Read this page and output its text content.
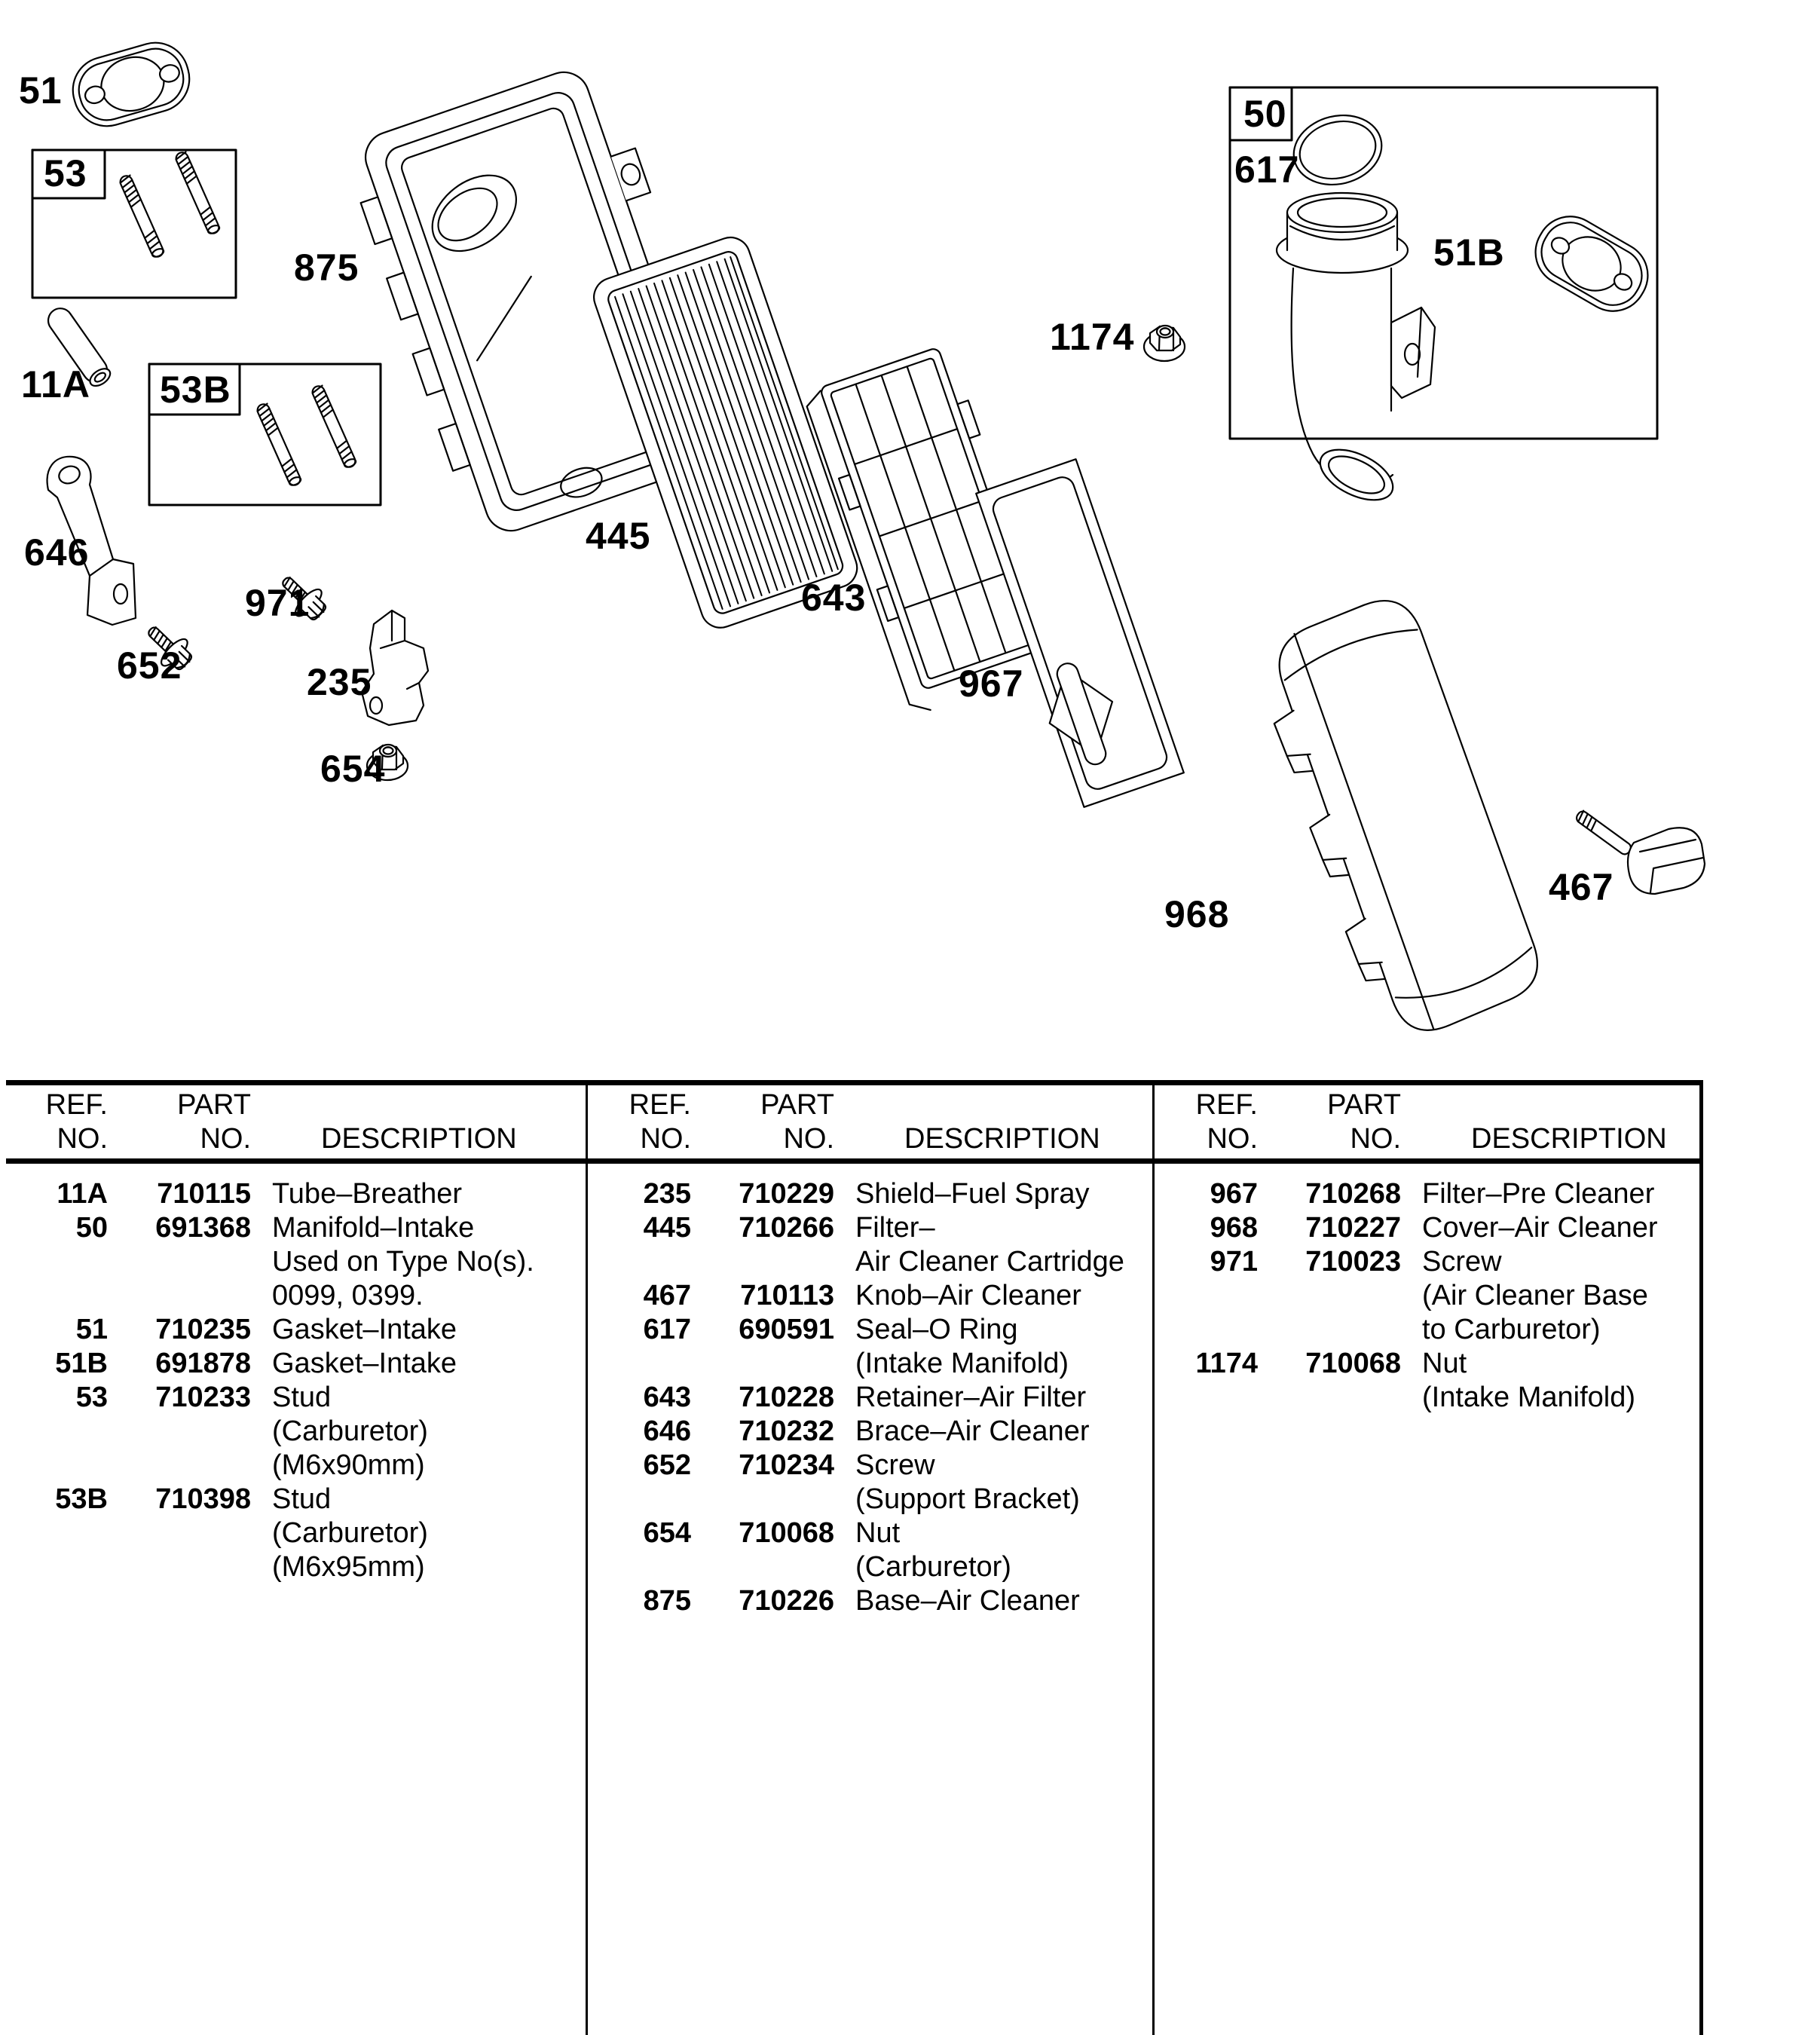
51
53
875
11A 53B
646
652
971
235
654
445
643
967
968
467
1174
50
617
51B
REF.	PART
NO.	NO. DESCRIPTION
11A	710115 Tube–Breather
50	691368 Manifold–Intake
Used on Type No(s).
0099, 0399.
51	710235 Gasket–Intake
51B	691878 Gasket–Intake
53	710233 Stud
(Carburetor)
(M6x90mm)
53B	710398 Stud
(Carburetor)
(M6x95mm)
REF.	PART
NO.	NO. DESCRIPTION
235	710229 Shield–Fuel Spray
445	710266 Filter–
Air Cleaner Cartridge
467	710113 Knob–Air Cleaner
617	690591 Seal–O Ring
(Intake Manifold)
643	710228 Retainer–Air Filter
646	710232 Brace–Air Cleaner
652	710234 Screw
(Support Bracket)
654	710068 Nut
(Carburetor)
875	710226 Base–Air Cleaner
REF.	PART
NO.	NO. DESCRIPTION
967	710268 Filter–Pre Cleaner
968	710227 Cover–Air Cleaner
971	710023 Screw
(Air Cleaner Base
to Carburetor)
1174	710068 Nut
(Intake Manifold)
